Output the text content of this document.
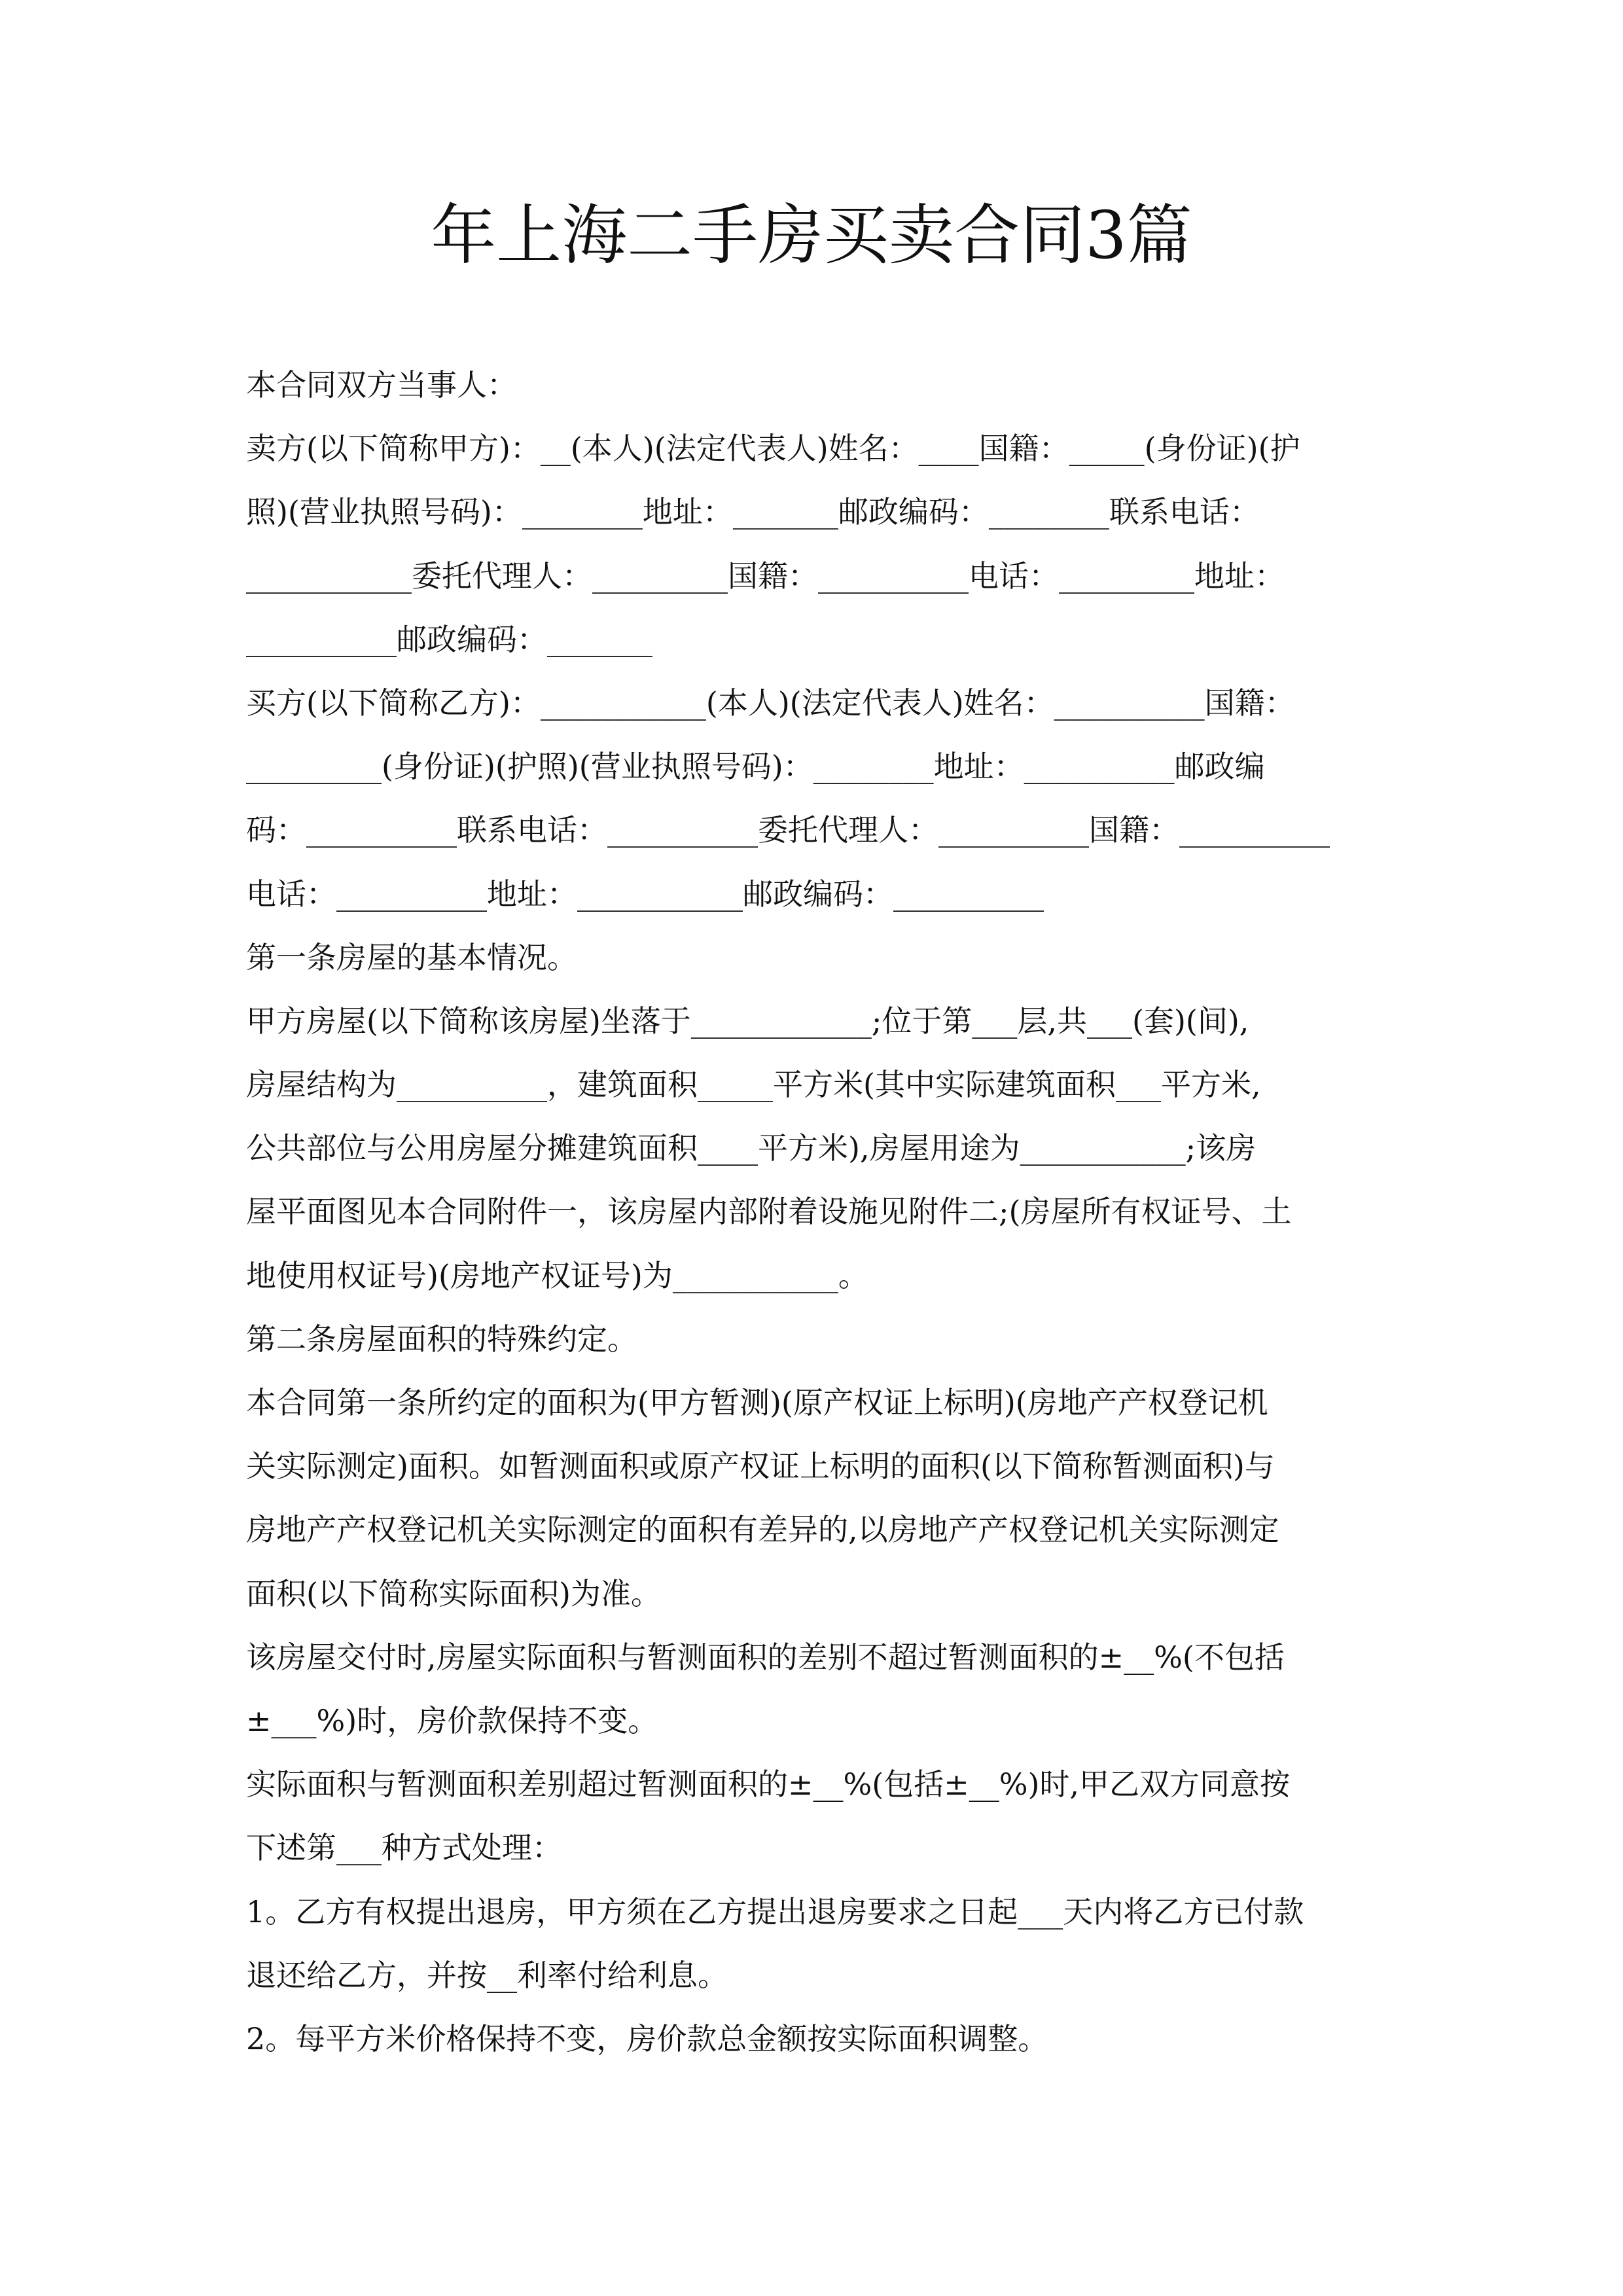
年上海二手房买卖合同3篇
本合同双方当事人：
卖方(以下简称甲方)：__(本人)(法定代表人)姓名：____国籍：_____(身份证)(护
照)(营业执照号码)：________地址：_______邮政编码：________联系电话：
___________委托代理人：_________国籍：__________电话：_________地址：
__________邮政编码：_______
买方(以下简称乙方)：___________(本人)(法定代表人)姓名：__________国籍：
_________(身份证)(护照)(营业执照号码)：________地址：__________邮政编
码：__________联系电话：__________委托代理人：__________国籍：__________
电话：__________地址：___________邮政编码：__________
第一条房屋的基本情况。
甲方房屋(以下简称该房屋)坐落于____________;位于第___层,共___(套)(间),
房屋结构为__________，建筑面积_____平方米(其中实际建筑面积___平方米,
公共部位与公用房屋分摊建筑面积____平方米),房屋用途为___________;该房
屋平面图见本合同附件一，该房屋内部附着设施见附件二;(房屋所有权证号、土
地使用权证号)(房地产权证号)为___________。
第二条房屋面积的特殊约定。
本合同第一条所约定的面积为(甲方暂测)(原产权证上标明)(房地产产权登记机
关实际测定)面积。如暂测面积或原产权证上标明的面积(以下简称暂测面积)与
房地产产权登记机关实际测定的面积有差异的,以房地产产权登记机关实际测定
面积(以下简称实际面积)为准。
该房屋交付时,房屋实际面积与暂测面积的差别不超过暂测面积的±__%(不包括
±___%)时，房价款保持不变。
实际面积与暂测面积差别超过暂测面积的±__%(包括±__%)时,甲乙双方同意按
下述第___种方式处理：
1。乙方有权提出退房，甲方须在乙方提出退房要求之日起___天内将乙方已付款
退还给乙方，并按__利率付给利息。
2。每平方米价格保持不变，房价款总金额按实际面积调整。
